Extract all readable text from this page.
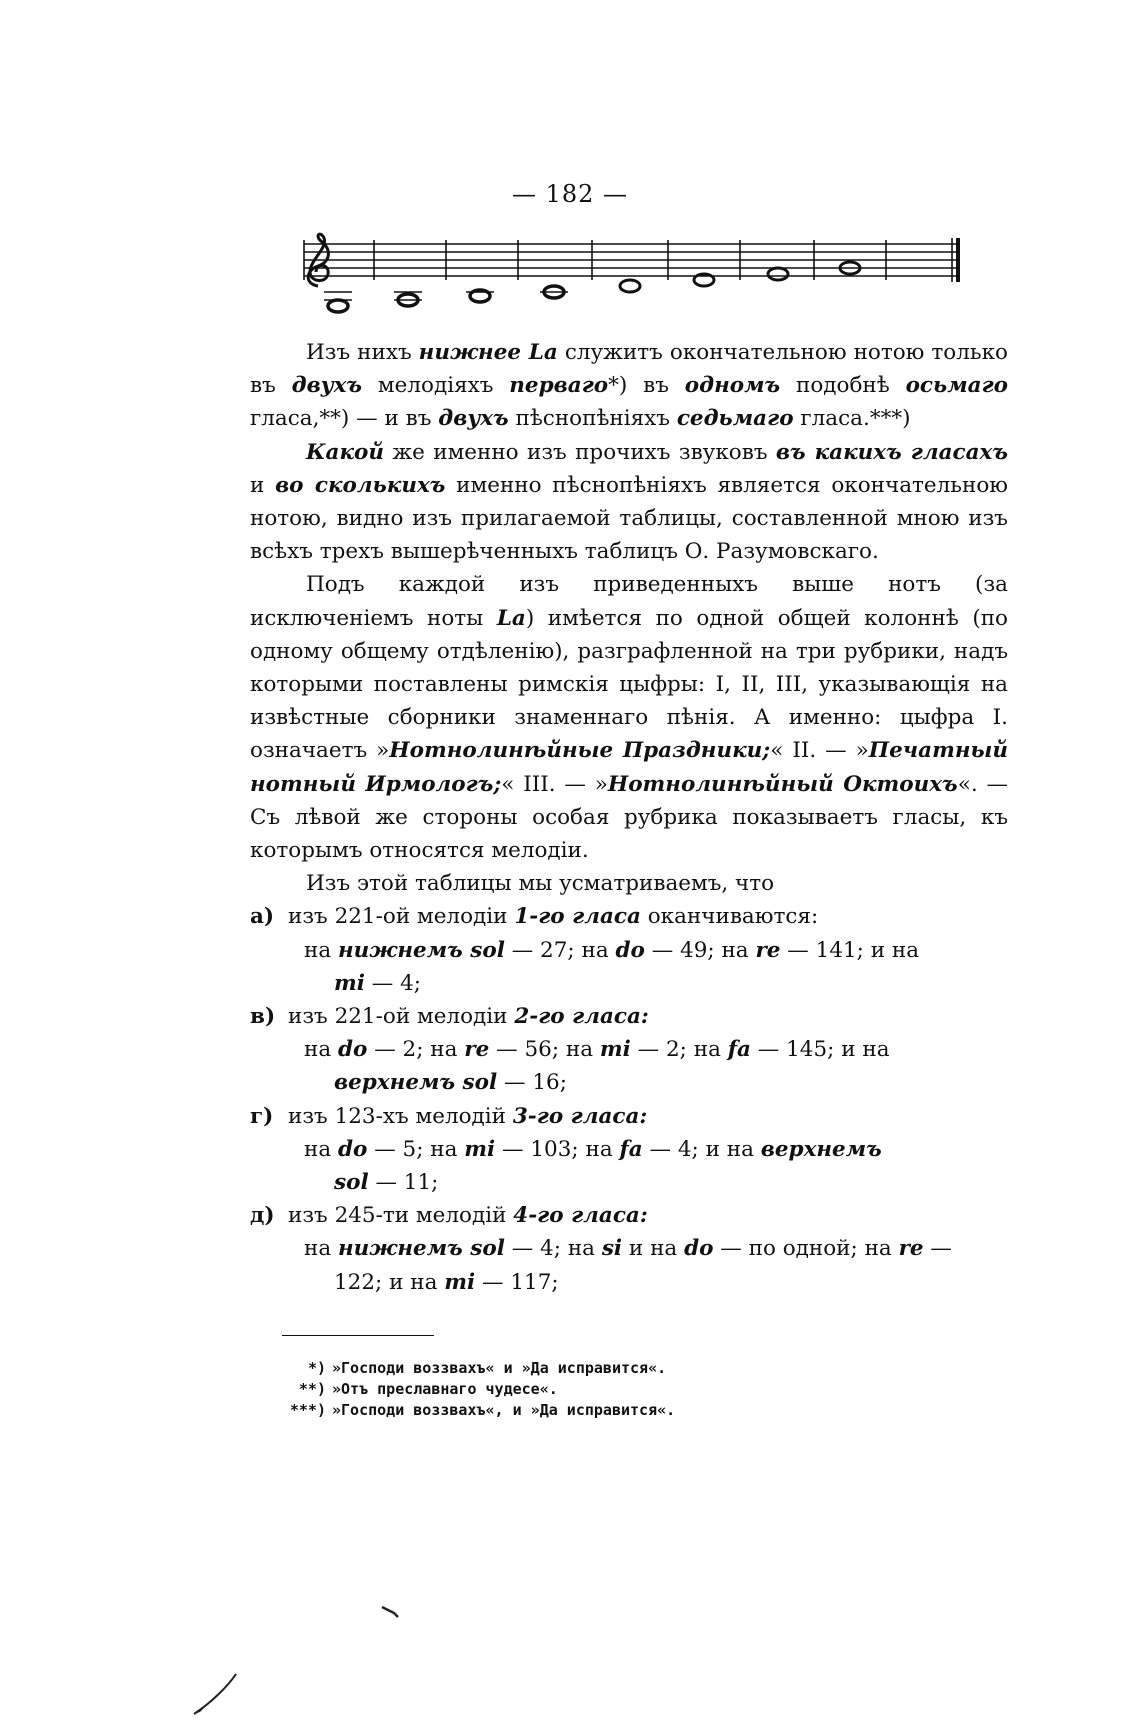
— 182 —

Изъ нихъ нижнее La служитъ окончательною нотою только въ двухъ мелодіяхъ перваго*) въ одномъ подобнѣ осьмаго гласа,**) — и въ двухъ пѣснопѣніяхъ седьмаго гласа.***)

Какой же именно изъ прочихъ звуковъ въ какихъ гласахъ и во сколькихъ именно пѣснопѣніяхъ является окончательною нотою, видно изъ прилагаемой таблицы, составленной мною изъ всѣхъ трехъ вышерѣченныхъ таблицъ О. Разумовскаго.

Подъ каждой изъ приведенныхъ выше нотъ (за исключеніемъ ноты La) имѣется по одной общей колоннѣ (по одному общему отдѣленію), разграфленной на три рубрики, надъ которыми поставлены римскія цыфры: I, II, III, указывающія на извѣстные сборники знаменнаго пѣнія. А именно: цыфра I. означаетъ »Нотнолинѣйные Праздники;« II. — »Печатный нотный Ирмологъ;« III. — »Нотнолинѣйный Октоихъ«. — Съ лѣвой же стороны особая рубрика показываетъ гласы, къ которымъ относятся мелодіи.

Изъ этой таблицы мы усматриваемъ, что

а) изъ 221-ой мелодіи 1-го гласа оканчиваются:
на нижнемъ sol — 27; на do — 49; на re — 141; и на
mi — 4;
в) изъ 221-ой мелодіи 2-го гласа:
на do — 2; на re — 56; на mi — 2; на fa — 145; и на
верхнемъ sol — 16;
г) изъ 123-хъ мелодій 3-го гласа:
на do — 5; на mi — 103; на fa — 4; и на верхнемъ
sol — 11;
д) изъ 245-ти мелодій 4-го гласа:
на нижнемъ sol — 4; на si и на do — по одной; на re —
122; и на mi — 117;
*) »Господи воззвахъ« и »Да исправится«.
**) »Отъ преславнаго чудесе«.
***) »Господи воззвахъ«, и »Да исправится«.
